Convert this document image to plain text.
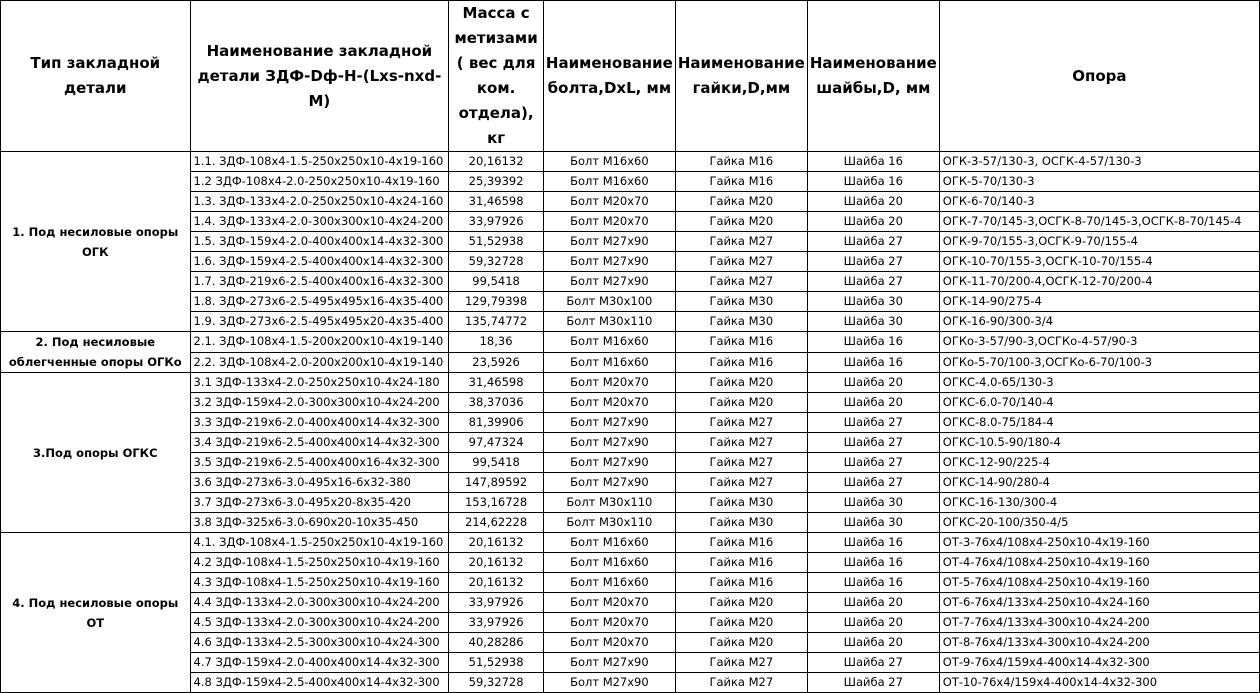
Тип закладной детали	Наименование закладной детали ЗДФ-Dф-H-(Lxs-nxd-M)	Масса с метизами ( вес для ком. отдела), кг	Наименование болта,DxL, мм	Наименование гайки,D,мм	Наименование шайбы,D, мм	Опора
1. Под несиловые опоры ОГК	1.1. ЗДФ-108х4-1.5-250х250х10-4х19-160	20,16132	Болт М16х60	Гайка М16	Шайба 16	ОГК-3-57/130-3, ОСГК-4-57/130-3
	1.2 ЗДФ-108х4-2.0-250х250х10-4х19-160	25,39392	Болт М16х60	Гайка М16	Шайба 16	ОГК-5-70/130-3
	1.3. ЗДФ-133х4-2.0-250х250х10-4х24-160	31,46598	Болт М20х70	Гайка М20	Шайба 20	ОГК-6-70/140-3
	1.4. ЗДФ-133х4-2.0-300х300х10-4х24-200	33,97926	Болт М20х70	Гайка М20	Шайба 20	ОГК-7-70/145-3,ОСГК-8-70/145-3,ОСГК-8-70/145-4
	1.5. ЗДФ-159х4-2.0-400х400х14-4х32-300	51,52938	Болт М27х90	Гайка М27	Шайба 27	ОГК-9-70/155-3,ОСГК-9-70/155-4
	1.6. ЗДФ-159х4-2.5-400х400х14-4х32-300	59,32728	Болт М27х90	Гайка М27	Шайба 27	ОГК-10-70/155-3,ОСГК-10-70/155-4
	1.7. ЗДФ-219х6-2.5-400х400х16-4х32-300	99,5418	Болт М27х90	Гайка М27	Шайба 27	ОГК-11-70/200-4,ОСГК-12-70/200-4
	1.8. ЗДФ-273х6-2.5-495х495х16-4х35-400	129,79398	Болт М30х100	Гайка М30	Шайба 30	ОГК-14-90/275-4
	1.9. ЗДФ-273х6-2.5-495х495х20-4х35-400	135,74772	Болт М30х110	Гайка М30	Шайба 30	ОГК-16-90/300-3/4
2. Под несиловые облегченные опоры ОГКо	2.1. ЗДФ-108х4-1.5-200х200х10-4х19-140	18,36	Болт М16х60	Гайка М16	Шайба 16	ОГКо-3-57/90-3,ОСГКо-4-57/90-3
	2.2. ЗДФ-108х4-2.0-200х200х10-4х19-140	23,5926	Болт М16х60	Гайка М16	Шайба 16	ОГКо-5-70/100-3,ОСГКо-6-70/100-3
3.Под опоры ОГКС	3.1 ЗДФ-133х4-2.0-250х250х10-4х24-180	31,46598	Болт М20х70	Гайка М20	Шайба 20	ОГКС-4.0-65/130-3
	3.2 ЗДФ-159х4-2.0-300х300х10-4х24-200	38,37036	Болт М20х70	Гайка М20	Шайба 20	ОГКС-6.0-70/140-4
	3.3 ЗДФ-219х6-2.0-400х400х14-4х32-300	81,39906	Болт М27х90	Гайка М27	Шайба 27	ОГКС-8.0-75/184-4
	3.4 ЗДФ-219х6-2.5-400х400х14-4х32-300	97,47324	Болт М27х90	Гайка М27	Шайба 27	ОГКС-10.5-90/180-4
	3.5 ЗДФ-219х6-2.5-400х400х16-4х32-300	99,5418	Болт М27х90	Гайка М27	Шайба 27	ОГКС-12-90/225-4
	3.6 ЗДФ-273х6-3.0-495х16-6х32-380	147,89592	Болт М27х90	Гайка М27	Шайба 27	ОГКС-14-90/280-4
	3.7 ЗДФ-273х6-3.0-495х20-8х35-420	153,16728	Болт М30х110	Гайка М30	Шайба 30	ОГКС-16-130/300-4
	3.8 ЗДФ-325х6-3.0-690х20-10х35-450	214,62228	Болт М30х110	Гайка М30	Шайба 30	ОГКС-20-100/350-4/5
4. Под несиловые опоры ОТ	4.1. ЗДФ-108х4-1.5-250х250х10-4х19-160	20,16132	Болт М16х60	Гайка М16	Шайба 16	ОТ-3-76х4/108х4-250х10-4х19-160
	4.2 ЗДФ-108х4-1.5-250х250х10-4х19-160	20,16132	Болт М16х60	Гайка М16	Шайба 16	ОТ-4-76х4/108х4-250х10-4х19-160
	4.3 ЗДФ-108х4-1.5-250х250х10-4х19-160	20,16132	Болт М16х60	Гайка М16	Шайба 16	ОТ-5-76х4/108х4-250х10-4х19-160
	4.4 ЗДФ-133х4-2.0-300х300х10-4х24-200	33,97926	Болт М20х70	Гайка М20	Шайба 20	ОТ-6-76х4/133х4-250х10-4х24-160
	4.5 ЗДФ-133х4-2.0-300х300х10-4х24-200	33,97926	Болт М20х70	Гайка М20	Шайба 20	ОТ-7-76х4/133х4-300х10-4х24-200
	4.6 ЗДФ-133х4-2.5-300х300х10-4х24-300	40,28286	Болт М20х70	Гайка М20	Шайба 20	ОТ-8-76х4/133х4-300х10-4х24-200
	4.7 ЗДФ-159х4-2.0-400х400х14-4х32-300	51,52938	Болт М27х90	Гайка М27	Шайба 27	ОТ-9-76х4/159х4-400х14-4х32-300
	4.8 ЗДФ-159х4-2.5-400х400х14-4х32-300	59,32728	Болт М27х90	Гайка М27	Шайба 27	ОТ-10-76х4/159х4-400х14-4х32-300
